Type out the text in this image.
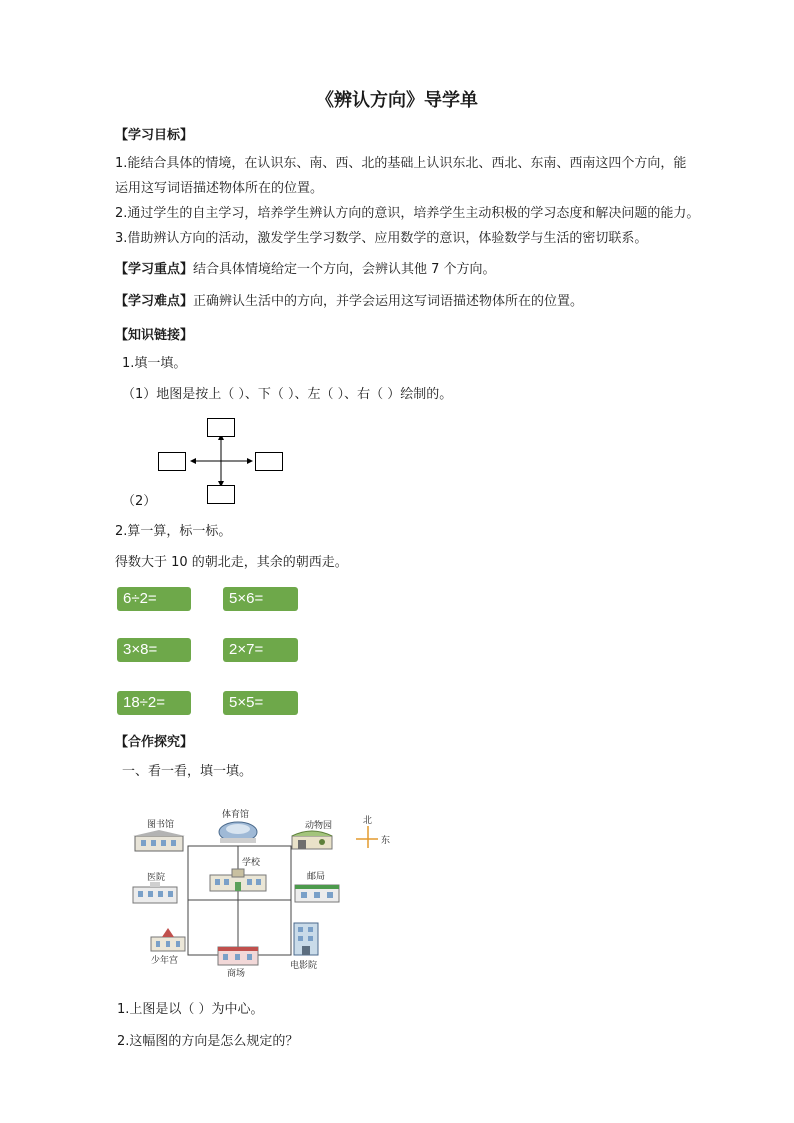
《辨认方向》导学单
【学习目标】
1.能结合具体的情境，在认识东、南、西、北的基础上认识东北、西北、东南、西南这四个方向，能
运用这写词语描述物体所在的位置。
2.通过学生的自主学习，培养学生辨认方向的意识，培养学生主动积极的学习态度和解决问题的能力。
3.借助辨认方向的活动，激发学生学习数学、应用数学的意识，体验数学与生活的密切联系。
【学习重点】结合具体情境给定一个方向，会辨认其他 7 个方向。
【学习难点】正确辨认生活中的方向，并学会运用这写词语描述物体所在的位置。
【知识链接】
1.填一填。
（1）地图是按上（ ）、下（ ）、左（ ）、右（ ）绘制的。
（2）
2.算一算，标一标。
得数大于 10 的朝北走，其余的朝西走。
6÷2=	5×6=
3×8=	2×7=
18÷2=	5×5=
【合作探究】
一、看一看，填一填。
图书馆
体育馆
动物园
医院
学校
邮局
少年宫
商场
电影院
北
东
1.上图是以（ ）为中心。
2.这幅图的方向是怎么规定的？
